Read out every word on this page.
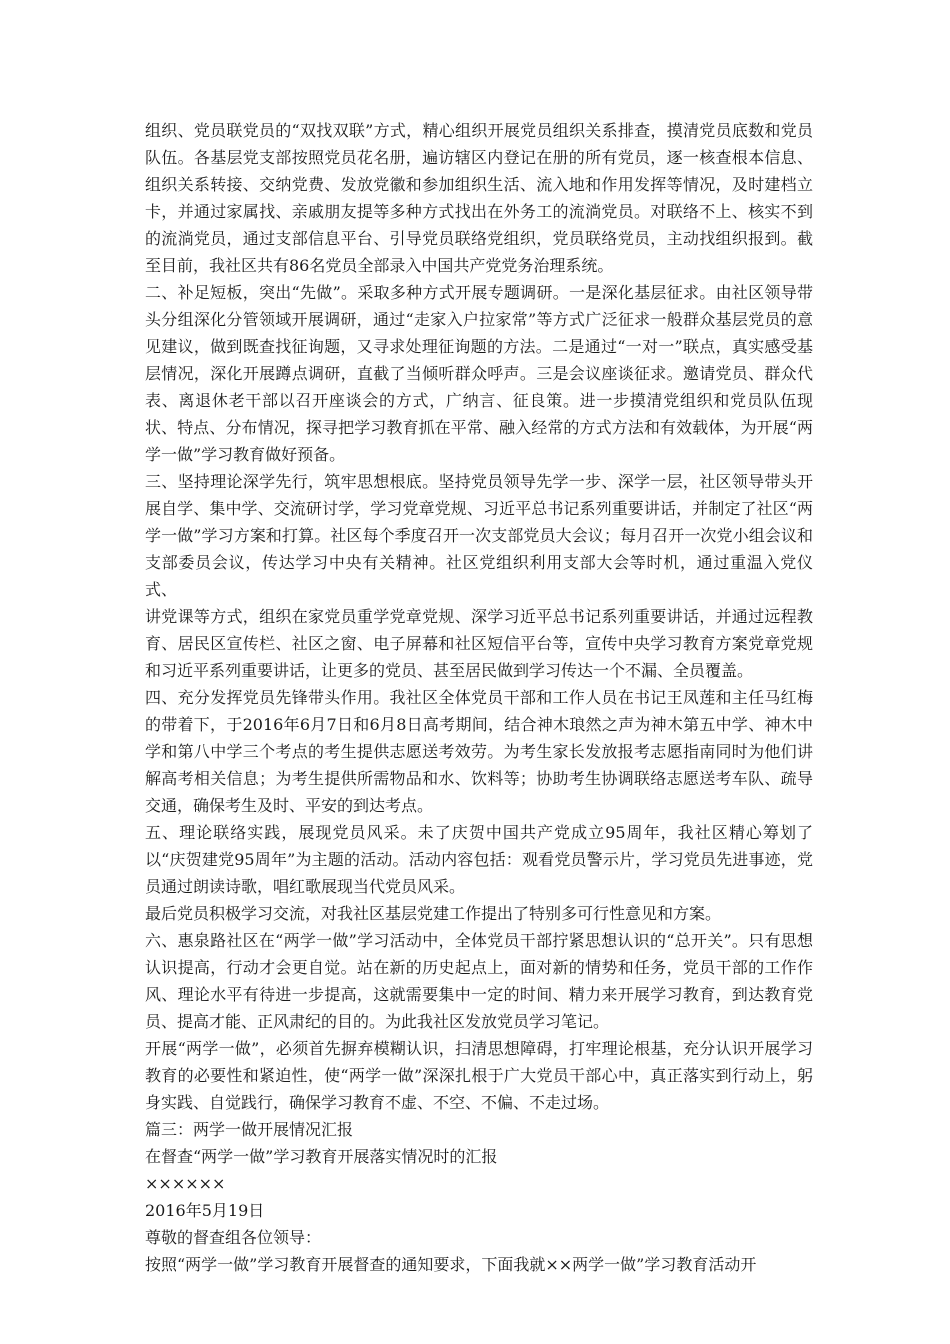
组织、党员联党员的“双找双联”方式，精心组织开展党员组织关系排查，摸清党员底数和党员队伍。各基层党支部按照党员花名册，遍访辖区内登记在册的所有党员，逐一核查根本信息、组织关系转接、交纳党费、发放党徽和参加组织生活、流入地和作用发挥等情况，及时建档立卡，并通过家属找、亲戚朋友提等多种方式找出在外务工的流淌党员。对联络不上、核实不到的流淌党员，通过支部信息平台、引导党员联络党组织，党员联络党员，主动找组织报到。截至目前，我社区共有86名党员全部录入中国共产党党务治理系统。

二、补足短板，突出“先做”。采取多种方式开展专题调研。一是深化基层征求。由社区领导带头分组深化分管领域开展调研，通过“走家入户拉家常”等方式广泛征求一般群众基层党员的意见建议，做到既查找征询题，又寻求处理征询题的方法。二是通过“一对一”联点，真实感受基层情况，深化开展蹲点调研，直截了当倾听群众呼声。三是会议座谈征求。邀请党员、群众代表、离退休老干部以召开座谈会的方式，广纳言、征良策。进一步摸清党组织和党员队伍现状、特点、分布情况，探寻把学习教育抓在平常、融入经常的方式方法和有效载体，为开展“两学一做”学习教育做好预备。

三、坚持理论深学先行，筑牢思想根底。坚持党员领导先学一步、深学一层，社区领导带头开展自学、集中学、交流研讨学，学习党章党规、习近平总书记系列重要讲话，并制定了社区“两学一做”学习方案和打算。社区每个季度召开一次支部党员大会议；每月召开一次党小组会议和支部委员会议，传达学习中央有关精神。社区党组织利用支部大会等时机，通过重温入党仪式、

讲党课等方式，组织在家党员重学党章党规、深学习近平总书记系列重要讲话，并通过远程教育、居民区宣传栏、社区之窗、电子屏幕和社区短信平台等，宣传中央学习教育方案党章党规和习近平系列重要讲话，让更多的党员、甚至居民做到学习传达一个不漏、全员覆盖。

四、充分发挥党员先锋带头作用。我社区全体党员干部和工作人员在书记王凤莲和主任马红梅的带着下，于2016年6月7日和6月8日高考期间，结合神木琅然之声为神木第五中学、神木中学和第八中学三个考点的考生提供志愿送考效劳。为考生家长发放报考志愿指南同时为他们讲解高考相关信息；为考生提供所需物品和水、饮料等；协助考生协调联络志愿送考车队、疏导交通，确保考生及时、平安的到达考点。

五、理论联络实践，展现党员风采。未了庆贺中国共产党成立95周年，我社区精心筹划了以“庆贺建党95周年”为主题的活动。活动内容包括：观看党员警示片，学习党员先进事迹，党员通过朗读诗歌，唱红歌展现当代党员风采。

最后党员积极学习交流，对我社区基层党建工作提出了特别多可行性意见和方案。

六、惠泉路社区在“两学一做”学习活动中，全体党员干部拧紧思想认识的“总开关”。只有思想认识提高，行动才会更自觉。站在新的历史起点上，面对新的情势和任务，党员干部的工作作风、理论水平有待进一步提高，这就需要集中一定的时间、精力来开展学习教育，到达教育党员、提高才能、正风肃纪的目的。为此我社区发放党员学习笔记。

开展“两学一做”，必须首先摒弃模糊认识，扫清思想障碍，打牢理论根基，充分认识开展学习教育的必要性和紧迫性，使“两学一做”深深扎根于广大党员干部心中，真正落实到行动上，躬身实践、自觉践行，确保学习教育不虚、不空、不偏、不走过场。

篇三：两学一做开展情况汇报

在督查“两学一做”学习教育开展落实情况时的汇报

××××××

2016年5月19日

尊敬的督查组各位领导：

按照“两学一做”学习教育开展督查的通知要求，下面我就××两学一做”学习教育活动开
